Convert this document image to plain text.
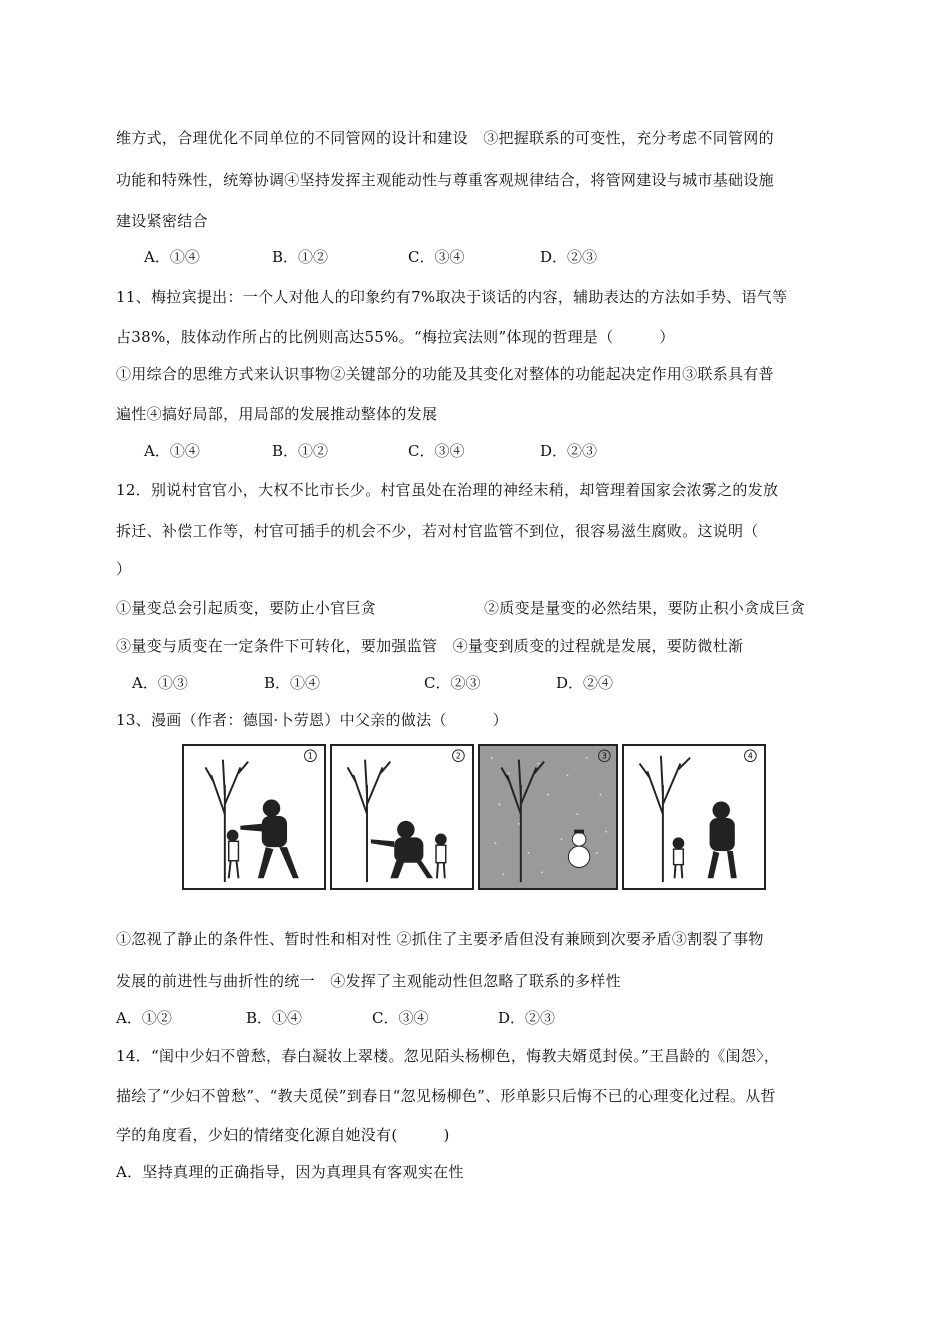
维方式，合理优化不同单位的不同管网的设计和建设　③把握联系的可变性，充分考虑不同管网的
功能和特殊性，统筹协调④坚持发挥主观能动性与尊重客观规律结合，将管网建设与城市基础设施
建设紧密结合
A．①④	B．①②	C．③④	D．②③
11、梅拉宾提出：一个人对他人的印象约有7%取决于谈话的内容，辅助表达的方法如手势、语气等
占38%，肢体动作所占的比例则高达55%。“梅拉宾法则”体现的哲理是（　　　）
①用综合的思维方式来认识事物②关键部分的功能及其变化对整体的功能起决定作用③联系具有普
遍性④搞好局部，用局部的发展推动整体的发展
A．①④	B．①②	C．③④	D．②③
12．别说村官官小，大权不比市长少。村官虽处在治理的神经末稍，却管理着国家会浓雾之的发放
拆迁、补偿工作等，村官可插手的机会不少，若对村官监管不到位，很容易滋生腐败。这说明（
）
①量变总会引起质变，要防止小官巨贪	②质变是量变的必然结果，要防止积小贪成巨贪
③量变与质变在一定条件下可转化，要加强监管　④量变到质变的过程就是发展，要防微杜渐
A．①③	B．①④	C．②③	D．②④
13、漫画（作者：德国·卜劳恩）中父亲的做法（　　　）
1	2	3	4
①忽视了静止的条件性、暂时性和相对性 ②抓住了主要矛盾但没有兼顾到次要矛盾③割裂了事物
发展的前进性与曲折性的统一　④发挥了主观能动性但忽略了联系的多样性
A．①②	B．①④	C．③④	D．②③
14．“闺中少妇不曾愁，春白凝妆上翠楼。忽见陌头杨柳色，悔教夫婿觅封侯。”王昌龄的《闺怨〉，
描绘了“少妇不曾愁”、“教夫觅侯”到春日“忽见杨柳色”、形单影只后悔不已的心理变化过程。从哲
学的角度看，少妇的情绪变化源自她没有(　　　)
A．坚持真理的正确指导，因为真理具有客观实在性
